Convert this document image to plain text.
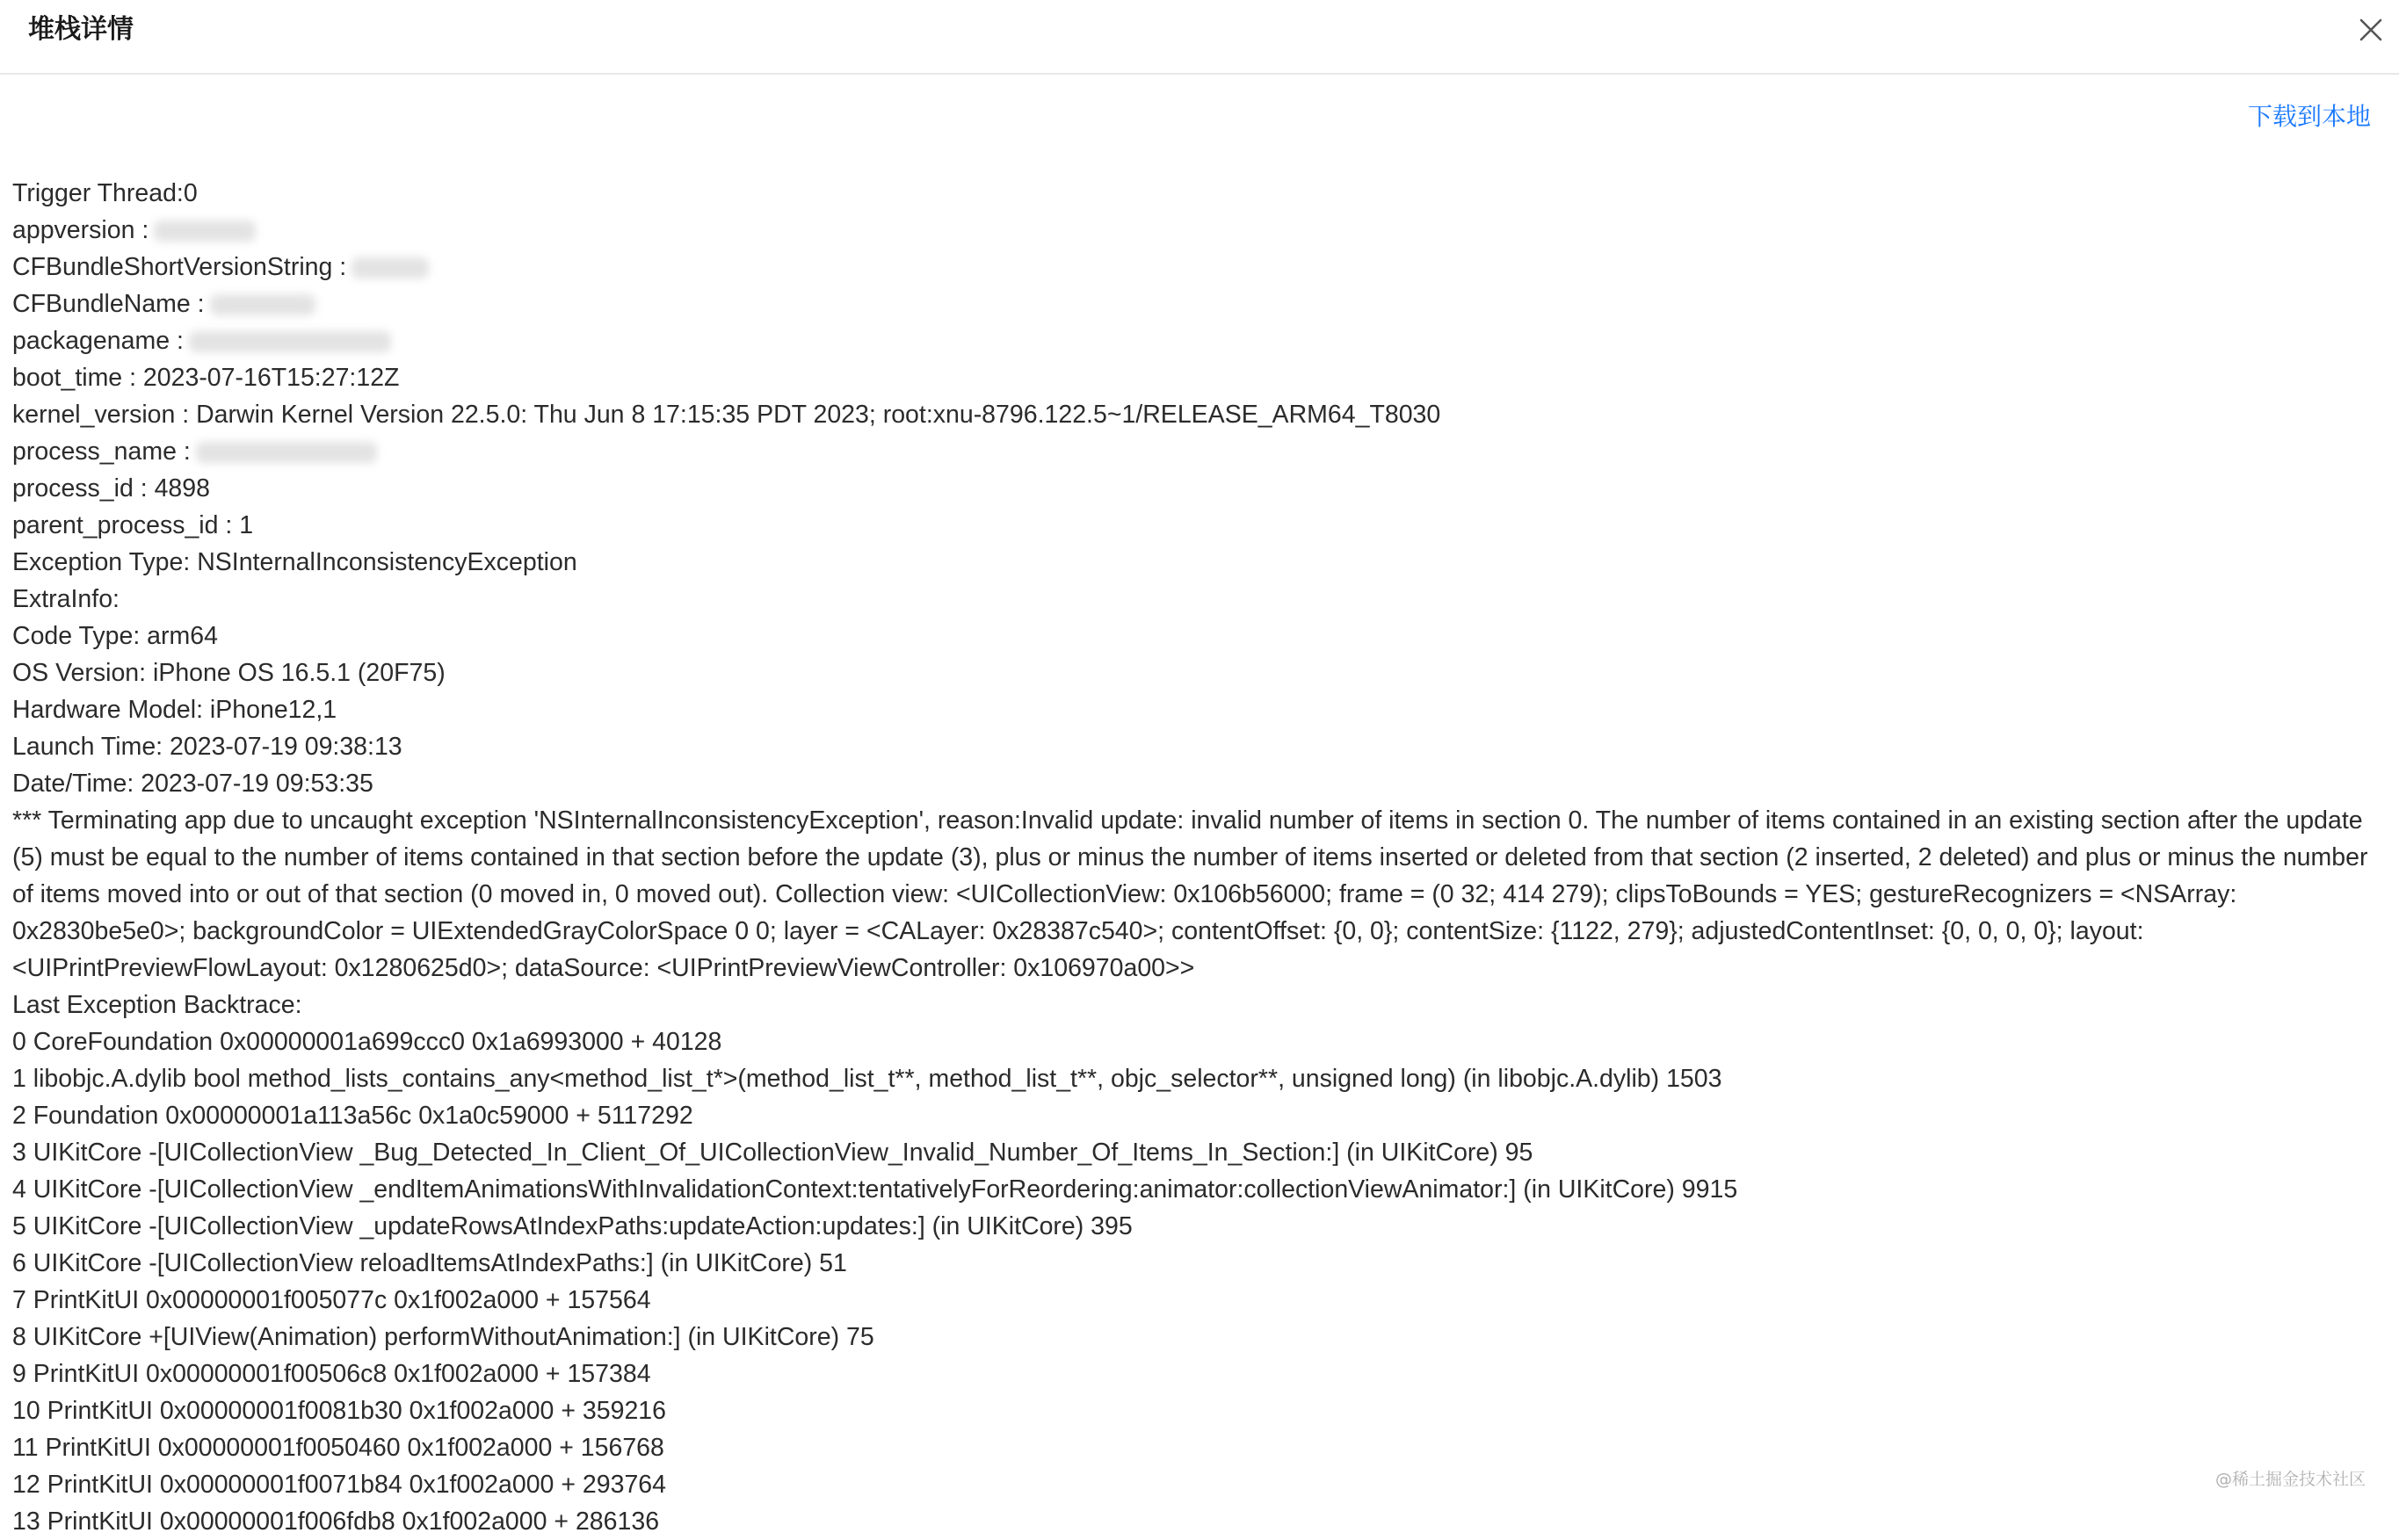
堆栈详情
下载到本地
Trigger Thread:0
appversion :
CFBundleShortVersionString :
CFBundleName :
packagename :
boot_time : 2023-07-16T15:27:12Z
kernel_version : Darwin Kernel Version 22.5.0: Thu Jun 8 17:15:35 PDT 2023; root:xnu-8796.122.5~1/RELEASE_ARM64_T8030
process_name :
process_id : 4898
parent_process_id : 1
Exception Type: NSInternalInconsistencyException
ExtraInfo:
Code Type: arm64
OS Version: iPhone OS 16.5.1 (20F75)
Hardware Model: iPhone12,1
Launch Time: 2023-07-19 09:38:13
Date/Time: 2023-07-19 09:53:35
*** Terminating app due to uncaught exception 'NSInternalInconsistencyException', reason:Invalid update: invalid number of items in section 0. The number of items contained in an existing section after the update (5) must be equal to the number of items contained in that section before the update (3), plus or minus the number of items inserted or deleted from that section (2 inserted, 2 deleted) and plus or minus the number of items moved into or out of that section (0 moved in, 0 moved out). Collection view: <UICollectionView: 0x106b56000; frame = (0 32; 414 279); clipsToBounds = YES; gestureRecognizers = <NSArray: 0x2830be5e0>; backgroundColor = UIExtendedGrayColorSpace 0 0; layer = <CALayer: 0x28387c540>; contentOffset: {0, 0}; contentSize: {1122, 279}; adjustedContentInset: {0, 0, 0, 0}; layout: <UIPrintPreviewFlowLayout: 0x1280625d0>; dataSource: <UIPrintPreviewViewController: 0x106970a00>>
Last Exception Backtrace:
0 CoreFoundation 0x00000001a699ccc0 0x1a6993000 + 40128
1 libobjc.A.dylib bool method_lists_contains_any<method_list_t*>(method_list_t**, method_list_t**, objc_selector**, unsigned long) (in libobjc.A.dylib) 1503
2 Foundation 0x00000001a113a56c 0x1a0c59000 + 5117292
3 UIKitCore -[UICollectionView _Bug_Detected_In_Client_Of_UICollectionView_Invalid_Number_Of_Items_In_Section:] (in UIKitCore) 95
4 UIKitCore -[UICollectionView _endItemAnimationsWithInvalidationContext:tentativelyForReordering:animator:collectionViewAnimator:] (in UIKitCore) 9915
5 UIKitCore -[UICollectionView _updateRowsAtIndexPaths:updateAction:updates:] (in UIKitCore) 395
6 UIKitCore -[UICollectionView reloadItemsAtIndexPaths:] (in UIKitCore) 51
7 PrintKitUI 0x00000001f005077c 0x1f002a000 + 157564
8 UIKitCore +[UIView(Animation) performWithoutAnimation:] (in UIKitCore) 75
9 PrintKitUI 0x00000001f00506c8 0x1f002a000 + 157384
10 PrintKitUI 0x00000001f0081b30 0x1f002a000 + 359216
11 PrintKitUI 0x00000001f0050460 0x1f002a000 + 156768
12 PrintKitUI 0x00000001f0071b84 0x1f002a000 + 293764
13 PrintKitUI 0x00000001f006fdb8 0x1f002a000 + 286136
@稀土掘金技术社区
